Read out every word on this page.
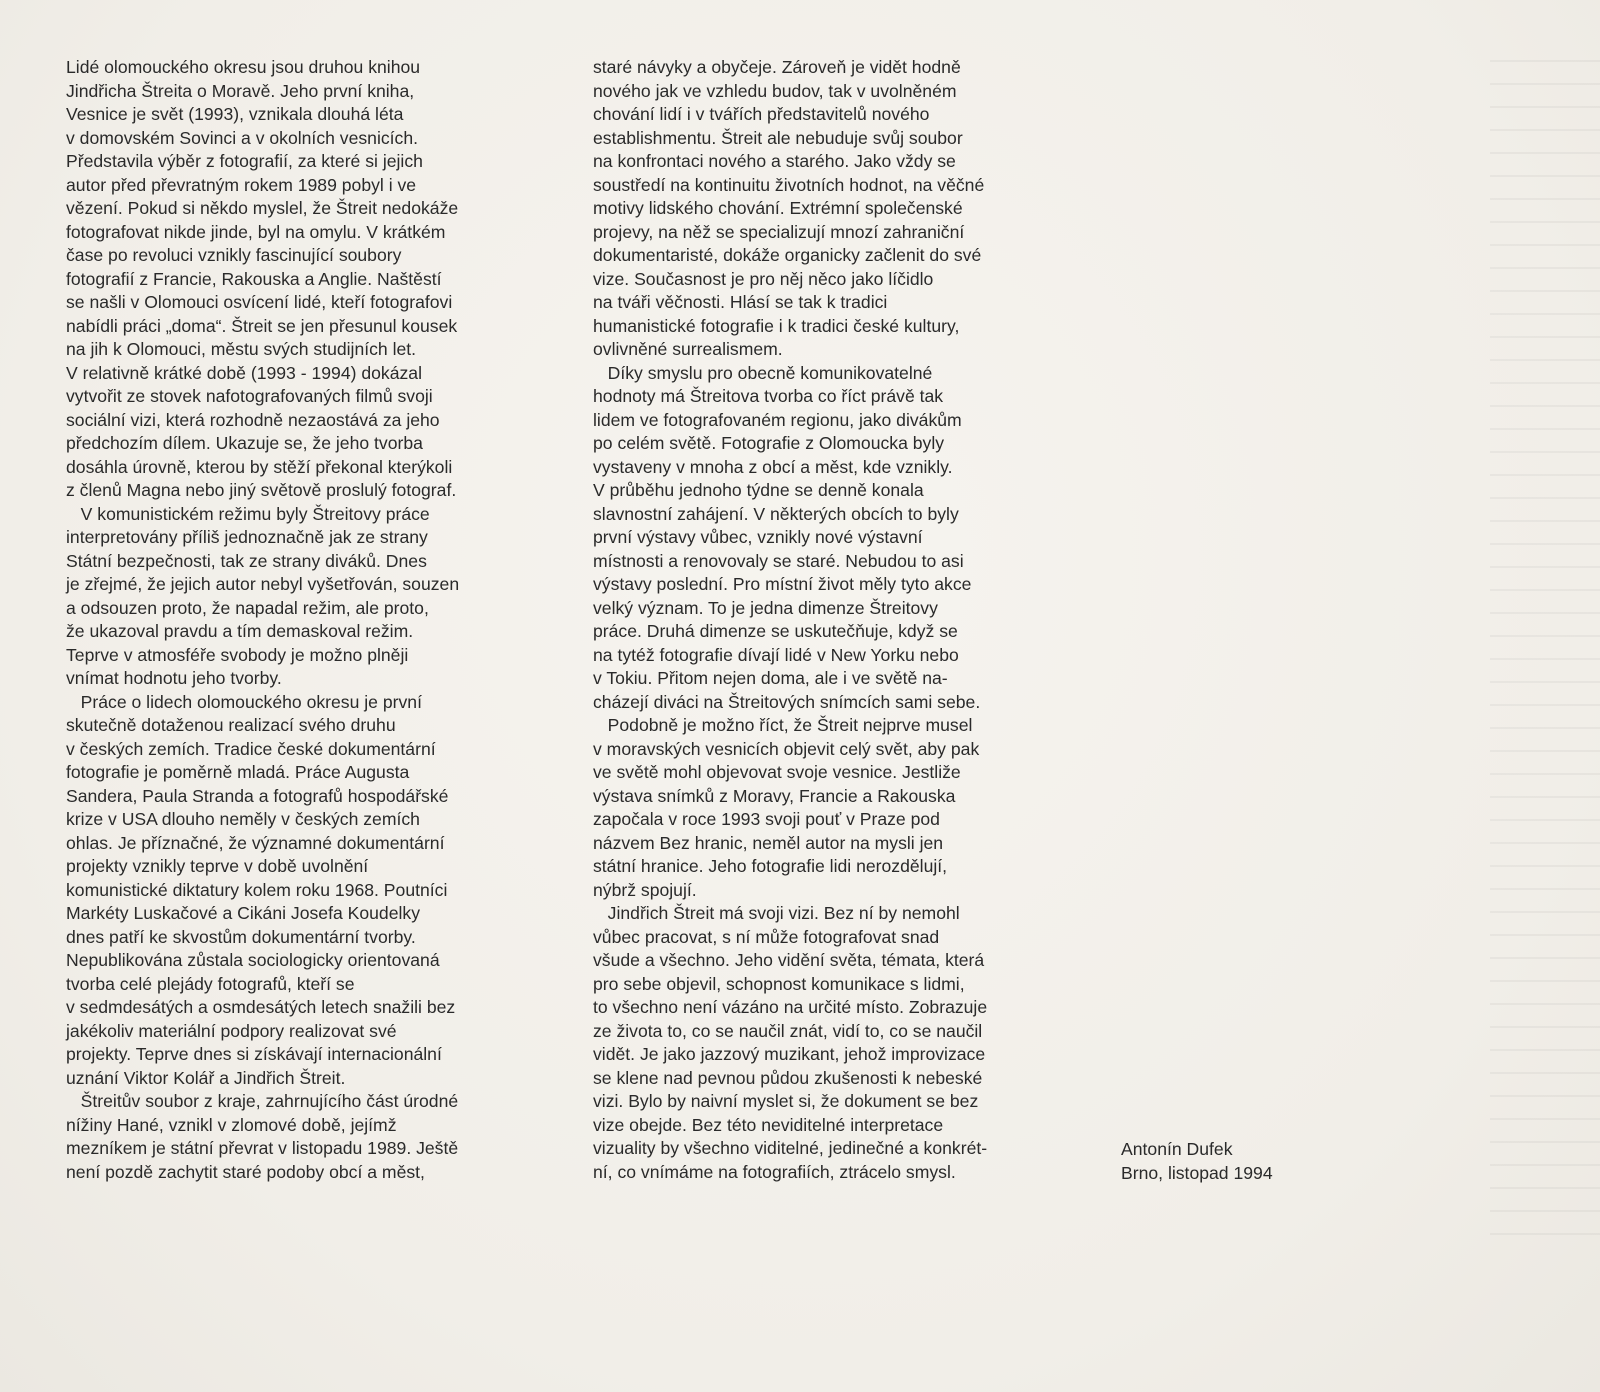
Lidé olomouckého okresu jsou druhou knihou
Jindřicha Štreita o Moravě. Jeho první kniha,
Vesnice je svět (1993), vznikala dlouhá léta
v domovském Sovinci a v okolních vesnicích.
Představila výběr z fotografií, za které si jejich
autor před převratným rokem 1989 pobyl i ve
vězení. Pokud si někdo myslel, že Štreit nedokáže
fotografovat nikde jinde, byl na omylu. V krátkém
čase po revoluci vznikly fascinující soubory
fotografií z Francie, Rakouska a Anglie. Naštěstí
se našli v Olomouci osvícení lidé, kteří fotografovi
nabídli práci „doma“. Štreit se jen přesunul kousek
na jih k Olomouci, městu svých studijních let.
V relativně krátké době (1993 - 1994) dokázal
vytvořit ze stovek nafotografovaných filmů svoji
sociální vizi, která rozhodně nezaostává za jeho
předchozím dílem. Ukazuje se, že jeho tvorba
dosáhla úrovně, kterou by stěží překonal kterýkoli
z členů Magna nebo jiný světově proslulý fotograf.
V komunistickém režimu byly Štreitovy práce
interpretovány příliš jednoznačně jak ze strany
Státní bezpečnosti, tak ze strany diváků. Dnes
je zřejmé, že jejich autor nebyl vyšetřován, souzen
a odsouzen proto, že napadal režim, ale proto,
že ukazoval pravdu a tím demaskoval režim.
Teprve v atmosféře svobody je možno plněji
vnímat hodnotu jeho tvorby.
Práce o lidech olomouckého okresu je první
skutečně dotaženou realizací svého druhu
v českých zemích. Tradice české dokumentární
fotografie je poměrně mladá. Práce Augusta
Sandera, Paula Stranda a fotografů hospodářské
krize v USA dlouho neměly v českých zemích
ohlas. Je příznačné, že významné dokumentární
projekty vznikly teprve v době uvolnění
komunistické diktatury kolem roku 1968. Poutníci
Markéty Luskačové a Cikáni Josefa Koudelky
dnes patří ke skvostům dokumentární tvorby.
Nepublikována zůstala sociologicky orientovaná
tvorba celé plejády fotografů, kteří se
v sedmdesátých a osmdesátých letech snažili bez
jakékoliv materiální podpory realizovat své
projekty. Teprve dnes si získávají internacionální
uznání Viktor Kolář a Jindřich Štreit.
Štreitův soubor z kraje, zahrnujícího část úrodné
nížiny Hané, vznikl v zlomové době, jejímž
mezníkem je státní převrat v listopadu 1989. Ještě
není pozdě zachytit staré podoby obcí a měst,
staré návyky a obyčeje. Zároveň je vidět hodně
nového jak ve vzhledu budov, tak v uvolněném
chování lidí i v tvářích představitelů nového
establishmentu. Štreit ale nebuduje svůj soubor
na konfrontaci nového a starého. Jako vždy se
soustředí na kontinuitu životních hodnot, na věčné
motivy lidského chování. Extrémní společenské
projevy, na něž se specializují mnozí zahraniční
dokumentaristé, dokáže organicky začlenit do své
vize. Současnost je pro něj něco jako líčidlo
na tváři věčnosti. Hlásí se tak k tradici
humanistické fotografie i k tradici české kultury,
ovlivněné surrealismem.
Díky smyslu pro obecně komunikovatelné
hodnoty má Štreitova tvorba co říct právě tak
lidem ve fotografovaném regionu, jako divákům
po celém světě. Fotografie z Olomoucka byly
vystaveny v mnoha z obcí a měst, kde vznikly.
V průběhu jednoho týdne se denně konala
slavnostní zahájení. V některých obcích to byly
první výstavy vůbec, vznikly nové výstavní
místnosti a renovovaly se staré. Nebudou to asi
výstavy poslední. Pro místní život měly tyto akce
velký význam. To je jedna dimenze Štreitovy
práce. Druhá dimenze se uskutečňuje, když se
na tytéž fotografie dívají lidé v New Yorku nebo
v Tokiu. Přitom nejen doma, ale i ve světě na-
cházejí diváci na Štreitových snímcích sami sebe.
Podobně je možno říct, že Štreit nejprve musel
v moravských vesnicích objevit celý svět, aby pak
ve světě mohl objevovat svoje vesnice. Jestliže
výstava snímků z Moravy, Francie a Rakouska
započala v roce 1993 svoji pouť v Praze pod
názvem Bez hranic, neměl autor na mysli jen
státní hranice. Jeho fotografie lidi nerozdělují,
nýbrž spojují.
Jindřich Štreit má svoji vizi. Bez ní by nemohl
vůbec pracovat, s ní může fotografovat snad
všude a všechno. Jeho vidění světa, témata, která
pro sebe objevil, schopnost komunikace s lidmi,
to všechno není vázáno na určité místo. Zobrazuje
ze života to, co se naučil znát, vidí to, co se naučil
vidět. Je jako jazzový muzikant, jehož improvizace
se klene nad pevnou půdou zkušenosti k nebeské
vizi. Bylo by naivní myslet si, že dokument se bez
vize obejde. Bez této neviditelné interpretace
vizuality by všechno viditelné, jedinečné a konkrét-
ní, co vnímáme na fotografiích, ztrácelo smysl.
Antonín Dufek
Brno, listopad 1994
